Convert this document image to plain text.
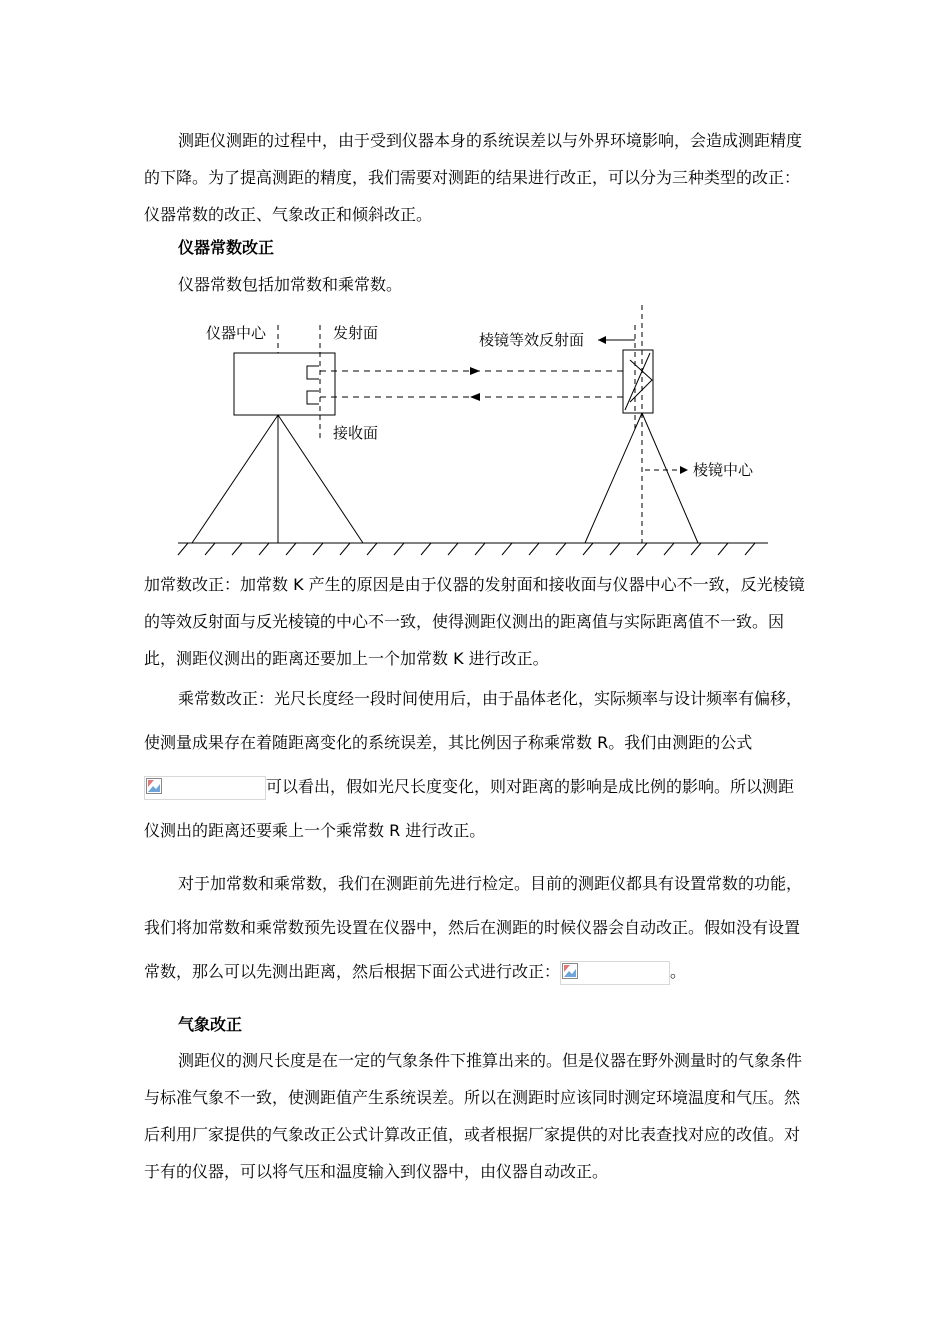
测距仪测距的过程中，由于受到仪器本身的系统误差以与外界环境影响，会造成测距精度的下降。为了提高测距的精度，我们需要对测距的结果进行改正，可以分为三种类型的改正：仪器常数的改正、气象改正和倾斜改正。

仪器常数改正

仪器常数包括加常数和乘常数。

仪器中心	发射面
接收面
棱镜等效反射面
棱镜中心

加常数改正：加常数 K 产生的原因是由于仪器的发射面和接收面与仪器中心不一致，反光棱镜的等效反射面与反光棱镜的中心不一致，使得测距仪测出的距离值与实际距离值不一致。因此，测距仪测出的距离还要加上一个加常数 K 进行改正。

乘常数改正：光尺长度经一段时间使用后，由于晶体老化，实际频率与设计频率有偏移，使测量成果存在着随距离变化的系统误差，其比例因子称乘常数 R。我们由测距的公式
可以看出，假如光尺长度变化，则对距离的影响是成比例的影响。所以测距仪测出的距离还要乘上一个乘常数 R 进行改正。

对于加常数和乘常数，我们在测距前先进行检定。目前的测距仪都具有设置常数的功能，我们将加常数和乘常数预先设置在仪器中，然后在测距的时候仪器会自动改正。假如没有设置常数，那么可以先测出距离，然后根据下面公式进行改正：	。

气象改正

测距仪的测尺长度是在一定的气象条件下推算出来的。但是仪器在野外测量时的气象条件与标准气象不一致，使测距值产生系统误差。所以在测距时应该同时测定环境温度和气压。然后利用厂家提供的气象改正公式计算改正值，或者根据厂家提供的对比表查找对应的改值。对于有的仪器，可以将气压和温度输入到仪器中，由仪器自动改正。
